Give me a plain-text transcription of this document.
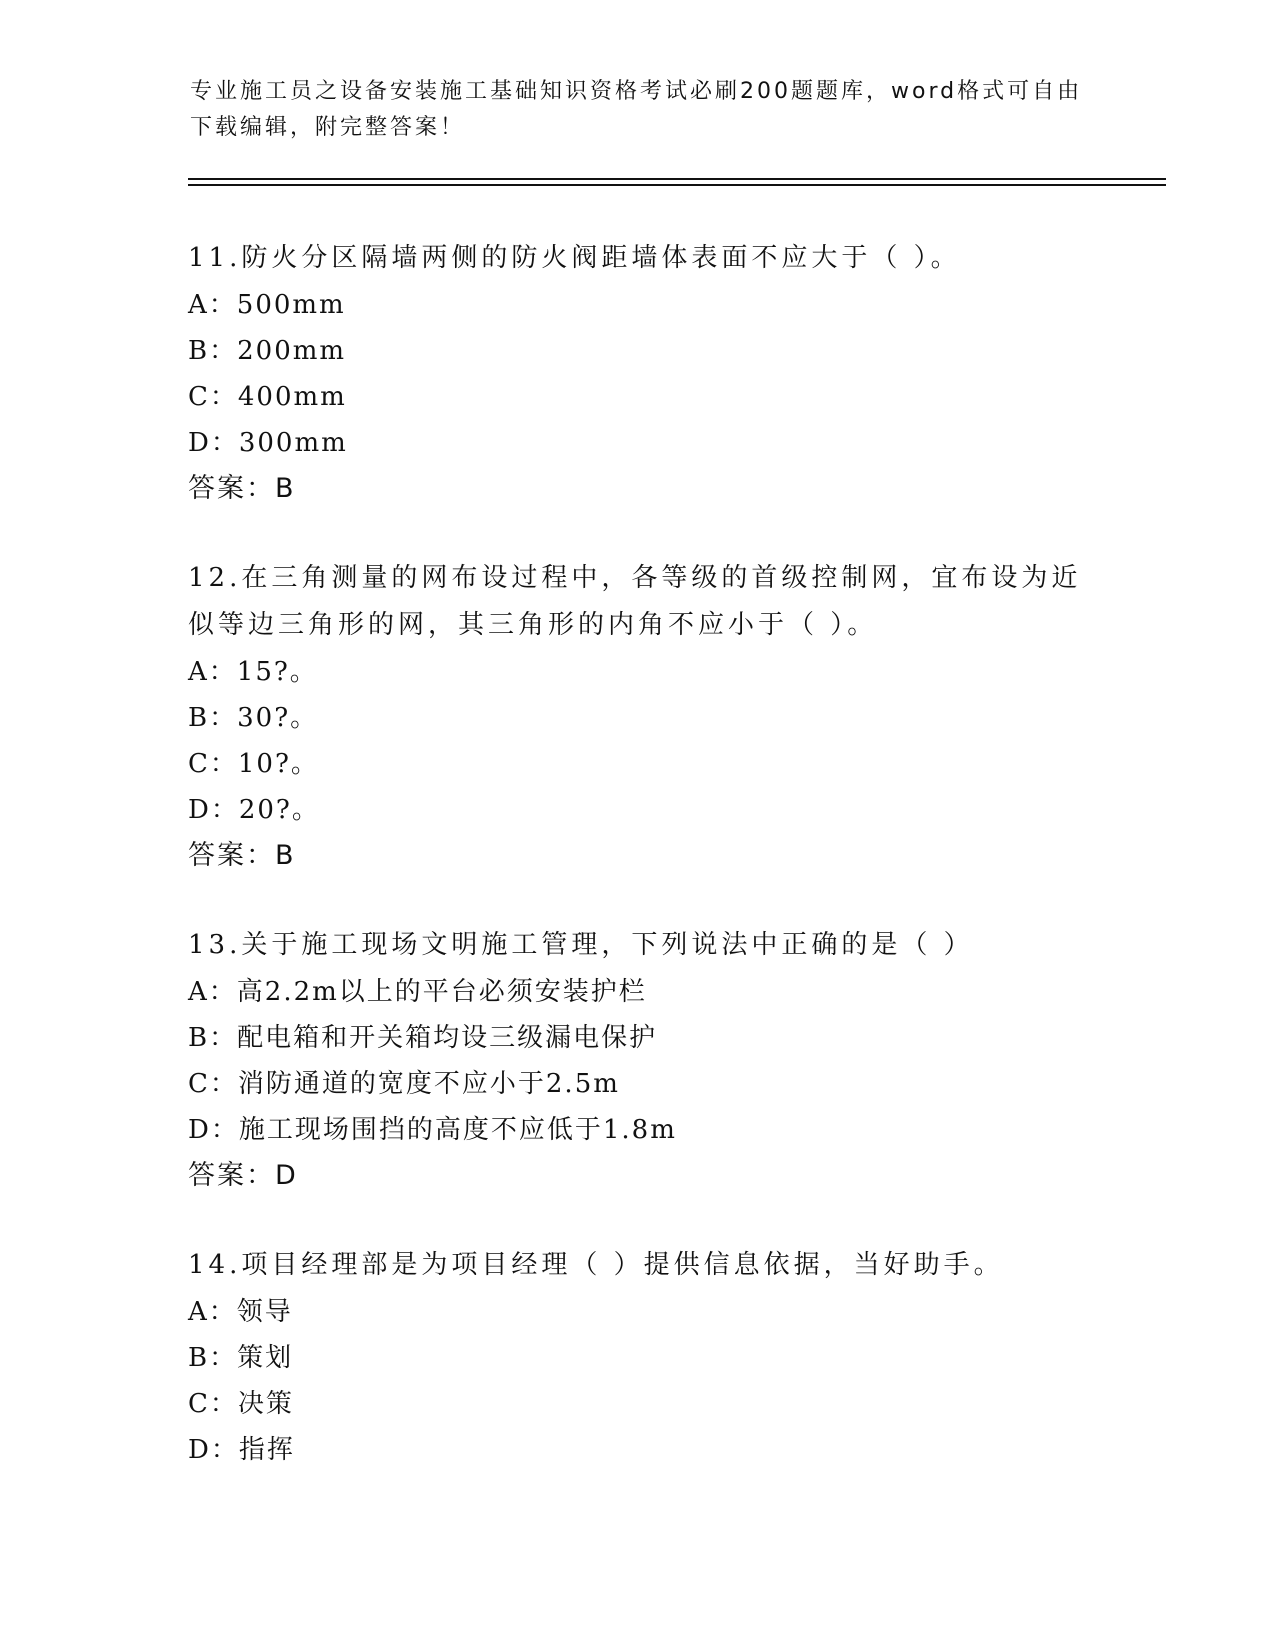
专业施工员之设备安装施工基础知识资格考试必刷200题题库，word格式可自由下载编辑，附完整答案！

11.防火分区隔墙两侧的防火阀距墙体表面不应大于（ ）。

A：500mm

B：200mm

C：400mm

D：300mm

答案：B

12.在三角测量的网布设过程中，各等级的首级控制网，宜布设为近似等边三角形的网，其三角形的内角不应小于（ ）。

A：15?。

B：30?。

C：10?。

D：20?。

答案：B

13.关于施工现场文明施工管理，下列说法中正确的是（ ）

A：高2.2m以上的平台必须安装护栏

B：配电箱和开关箱均设三级漏电保护

C：消防通道的宽度不应小于2.5m

D：施工现场围挡的高度不应低于1.8m

答案：D

14.项目经理部是为项目经理（ ）提供信息依据，当好助手。

A：领导

B：策划

C：决策

D：指挥
